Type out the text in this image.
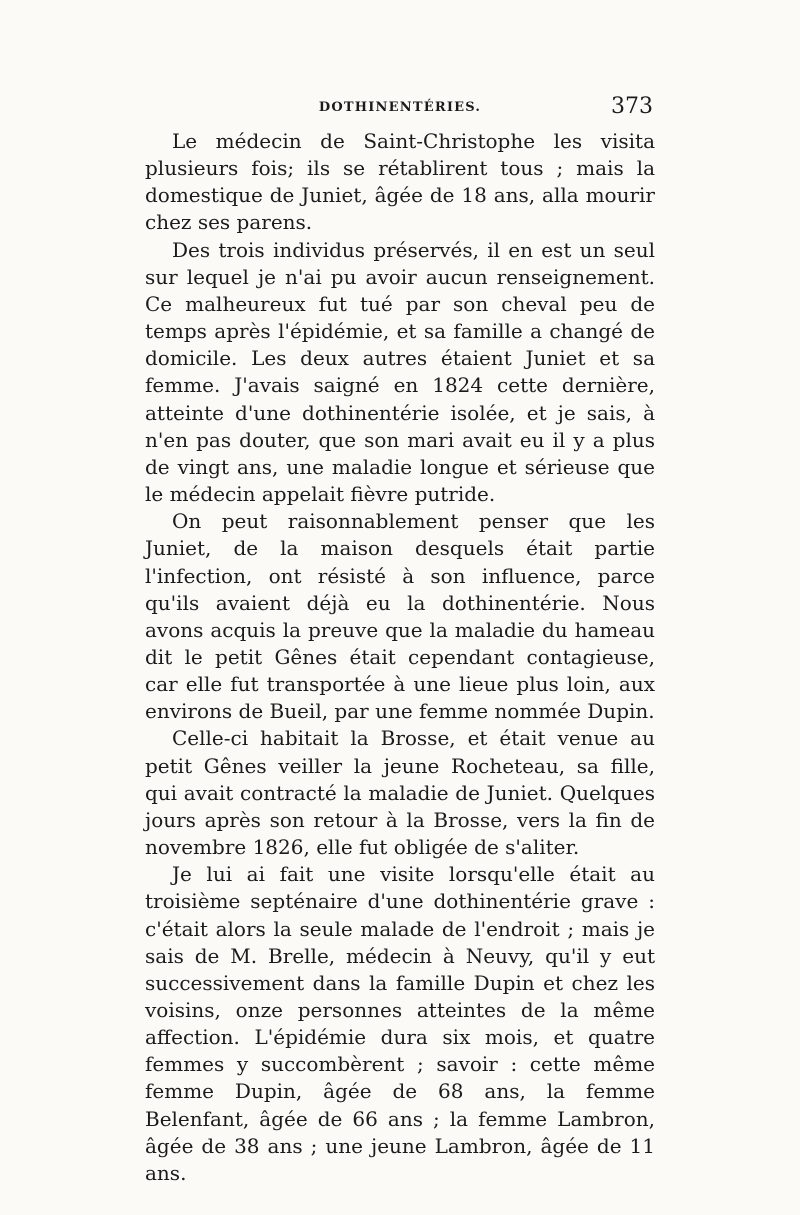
DOTHINENTÉRIES.	373

Le médecin de Saint-Christophe les visita plusieurs fois; ils se rétablirent tous ; mais la domestique de Juniet, âgée de 18 ans, alla mourir chez ses parens.

Des trois individus préservés, il en est un seul sur lequel je n'ai pu avoir aucun renseignement. Ce malheureux fut tué par son cheval peu de temps après l'épidémie, et sa famille a changé de domicile. Les deux autres étaient Juniet et sa femme. J'avais saigné en 1824 cette dernière, atteinte d'une dothinentérie isolée, et je sais, à n'en pas douter, que son mari avait eu il y a plus de vingt ans, une maladie longue et sérieuse que le médecin appelait fièvre putride.

On peut raisonnablement penser que les Juniet, de la maison desquels était partie l'infection, ont résisté à son influence, parce qu'ils avaient déjà eu la dothinentérie. Nous avons acquis la preuve que la maladie du hameau dit le petit Gênes était cependant contagieuse, car elle fut transportée à une lieue plus loin, aux environs de Bueil, par une femme nommée Dupin.

Celle-ci habitait la Brosse, et était venue au petit Gênes veiller la jeune Rocheteau, sa fille, qui avait contracté la maladie de Juniet. Quelques jours après son retour à la Brosse, vers la fin de novembre 1826, elle fut obligée de s'aliter.

Je lui ai fait une visite lorsqu'elle était au troisième septénaire d'une dothinentérie grave : c'était alors la seule malade de l'endroit ; mais je sais de M. Brelle, médecin à Neuvy, qu'il y eut successivement dans la famille Dupin et chez les voisins, onze personnes atteintes de la même affection. L'épidémie dura six mois, et quatre femmes y succombèrent ; savoir : cette même femme Dupin, âgée de 68 ans, la femme Belenfant, âgée de 66 ans ; la femme Lambron, âgée de 38 ans ; une jeune Lambron, âgée de 11 ans.
